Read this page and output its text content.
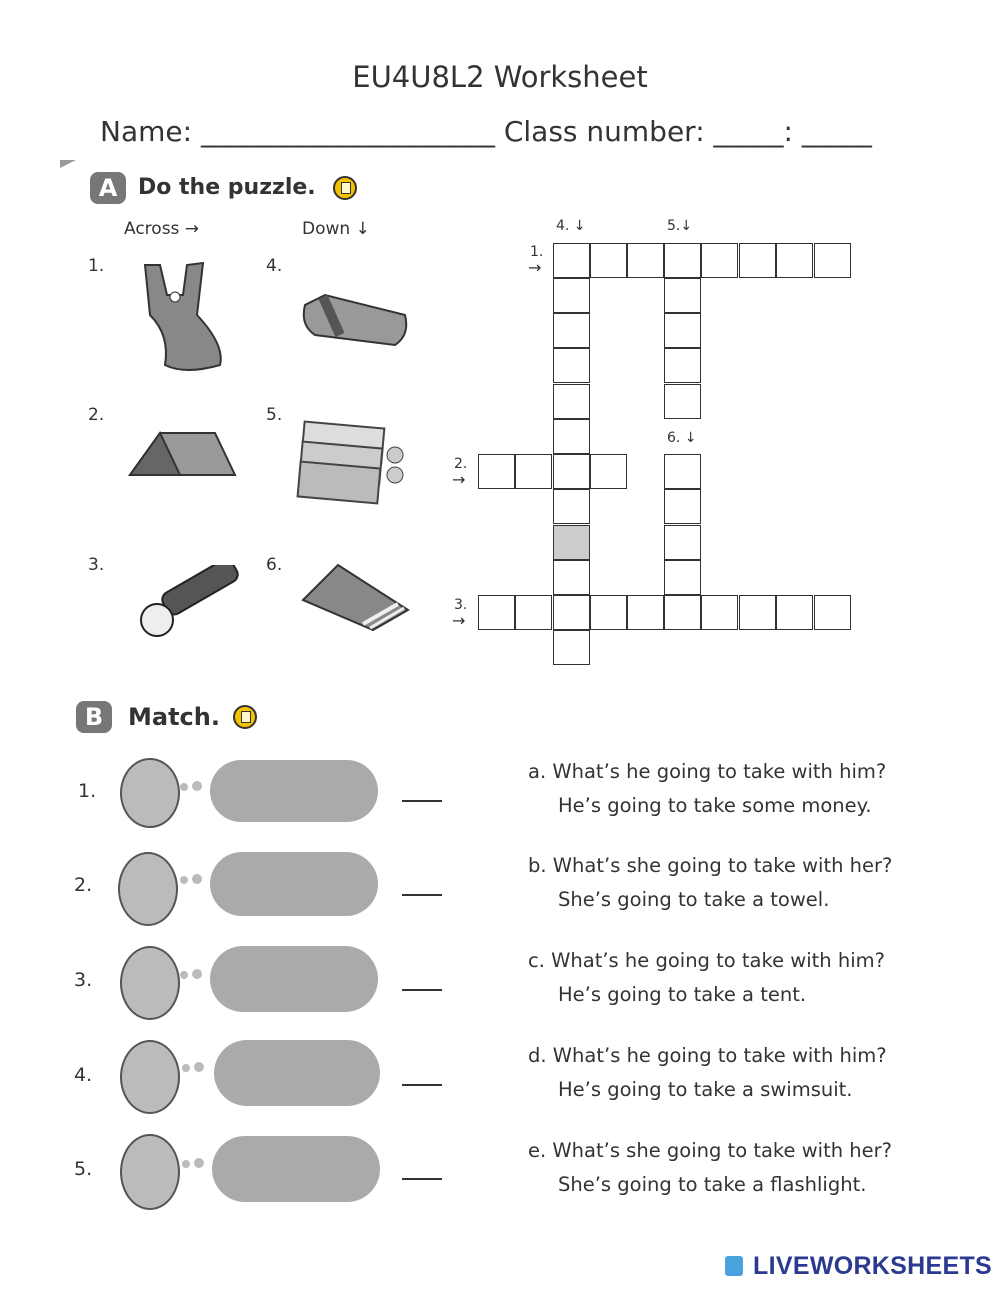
EU4U8L2 Worksheet
Name: _____________________ Class number: _____: _____
A Do the puzzle.
Across →	Down ↓
1.
2.
3.
4.
5.
6.
4. ↓	5.↓
6. ↓
1.
→
2.
→
3.
→
B	Match.
1.
2.
3.
4.
5.
a. What’s he going to take with him?
He’s going to take some money.
b. What’s she going to take with her?
She’s going to take a towel.
c. What’s he going to take with him?
He’s going to take a tent.
d. What’s he going to take with him?
He’s going to take a swimsuit.
e. What’s she going to take with her?
She’s going to take a flashlight.
LIVEWORKSHEETS
